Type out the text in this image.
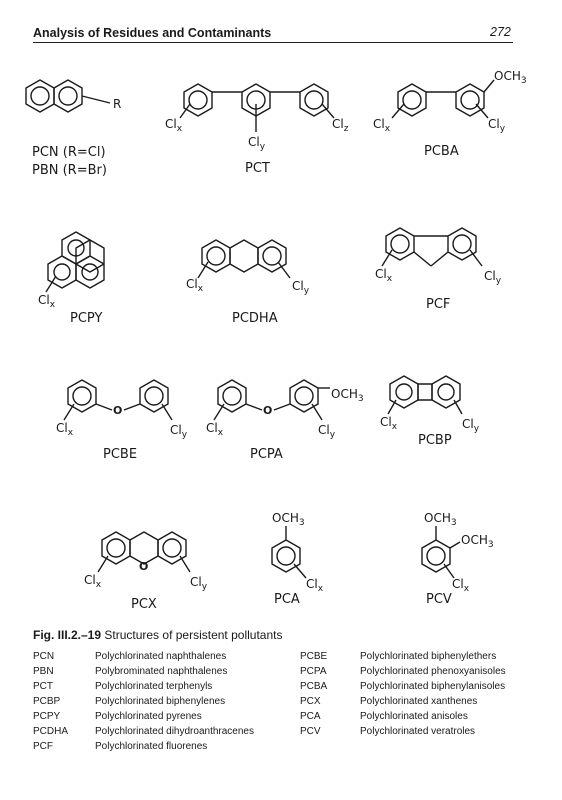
Analysis of Residues and Contaminants	272
R
PCN (R=Cl)
PBN (R=Br)
$Cl_x$
$Cl_y$
$Cl_z$
PCT
$OCH_3$
$Cl_x$	$Cl_y$
PCBA
$Cl_x$
PCPY
$Cl_x$	$Cl_y$
PCDHA
$Cl_x$	$Cl_y$
PCF
O
$Cl_x$	$Cl_y$
PCBE
O
$OCH_3$
$Cl_x$	$Cl_y$
PCPA
$Cl_x$	$Cl_y$
PCBP
O
$Cl_x$	$Cl_y$
PCX
$OCH_3$
$Cl_x$
PCA
$OCH_3$
$OCH_3$
$Cl_x$
PCV
Fig. III.2.–19 Structures of persistent pollutants
PCN	Polychlorinated naphthalenes	PCBE	Polychlorinated biphenylethers
PBN	Polybrominated naphthalenes	PCPA	Polychlorinated phenoxyanisoles
PCT	Polychlorinated terphenyls	PCBA	Polychlorinated biphenylanisoles
PCBP	Polychlorinated biphenylenes	PCX	Polychlorinated xanthenes
PCPY	Polychlorinated pyrenes	PCA	Polychlorinated anisoles
PCDHA	Polychlorinated dihydroanthracenes	PCV	Polychlorinated veratroles
PCF	Polychlorinated fluorenes		
